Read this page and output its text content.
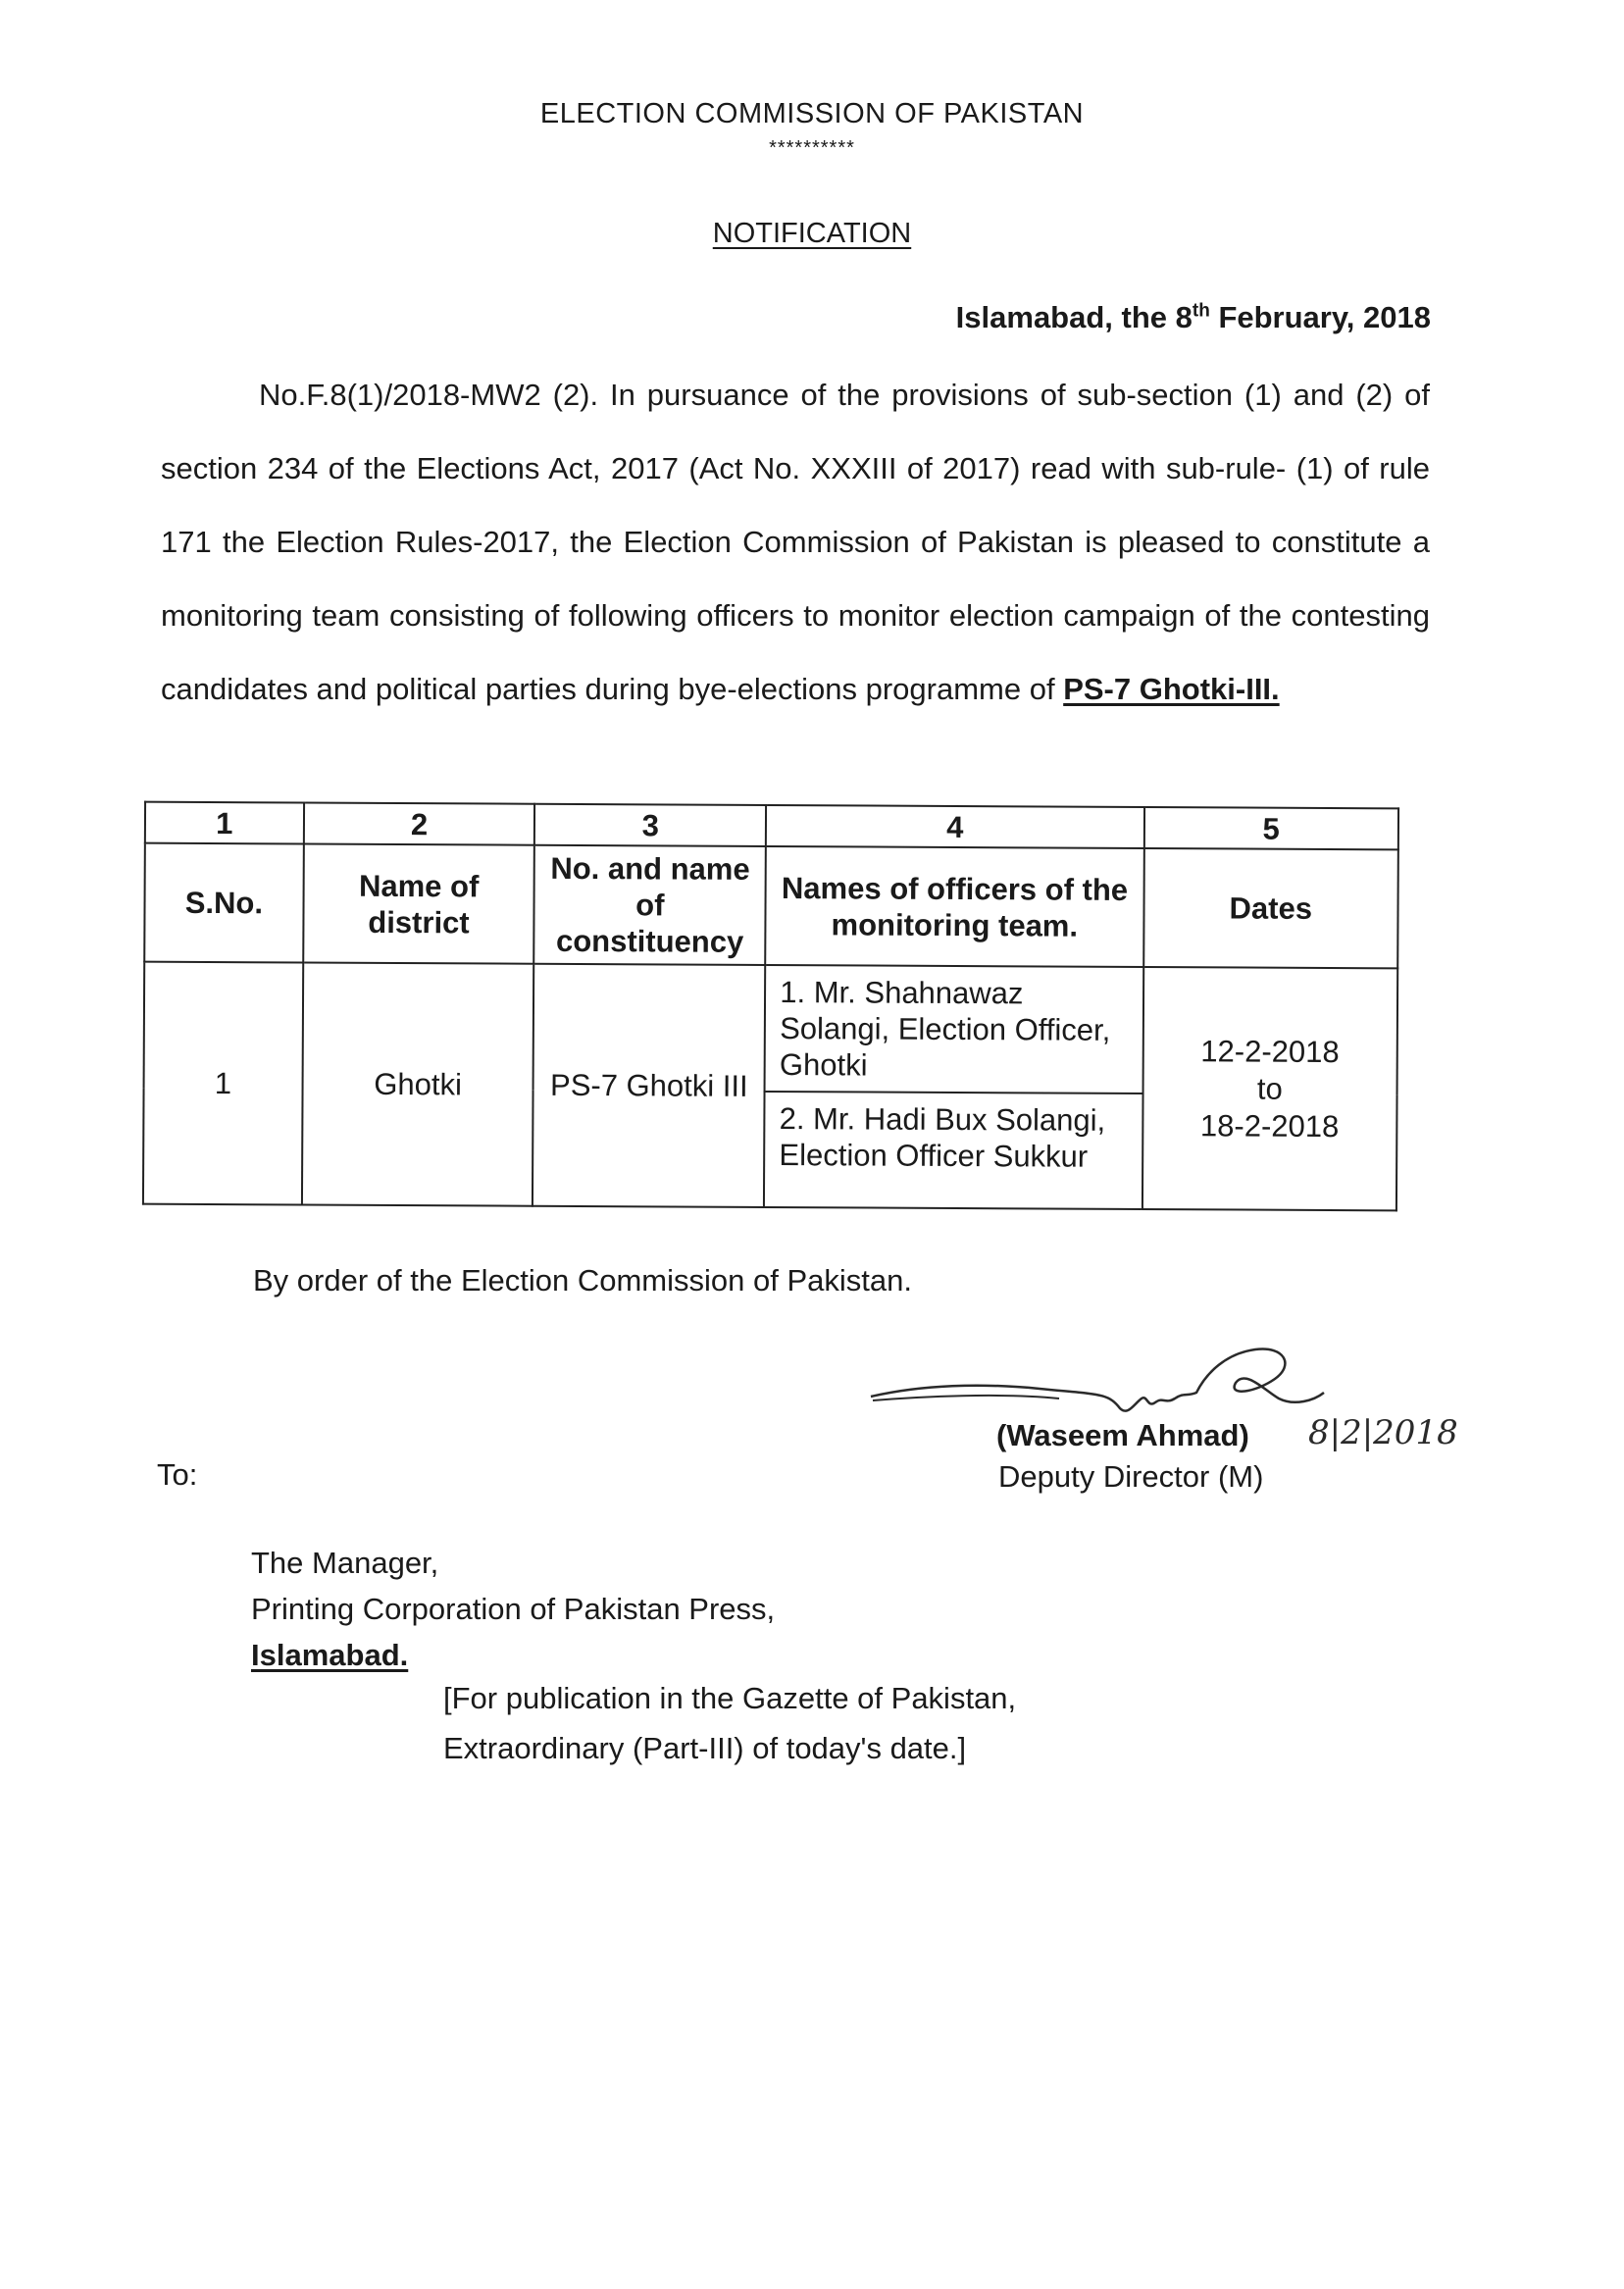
ELECTION COMMISSION OF PAKISTAN
**********
NOTIFICATION
Islamabad, the 8th February, 2018
No.F.8(1)/2018-MW2 (2). In pursuance of the provisions of sub-section (1) and (2) of section 234 of the Elections Act, 2017 (Act No. XXXIII of 2017) read with sub-rule- (1) of rule 171 the Election Rules-2017, the Election Commission of Pakistan is pleased to constitute a monitoring team consisting of following officers to monitor election campaign of the contesting candidates and political parties during bye-elections programme of PS-7 Ghotki-III.
1	2	3	4	5
S.No.	Name of district	No. and name of constituency	Names of officers of the monitoring team.	Dates
1	Ghotki	PS-7 Ghotki III	1. Mr. Shahnawaz Solangi, Election Officer, Ghotki	12-2-2018
to
18-2-2018

			2. Mr. Hadi Bux Solangi, Election Officer Sukkur	
By order of the Election Commission of Pakistan.
(Waseem Ahmad) 8|2|2018
Deputy Director (M)
To:
The Manager,
Printing Corporation of Pakistan Press,
Islamabad.
[For publication in the Gazette of Pakistan,
Extraordinary (Part-III) of today's date.]
